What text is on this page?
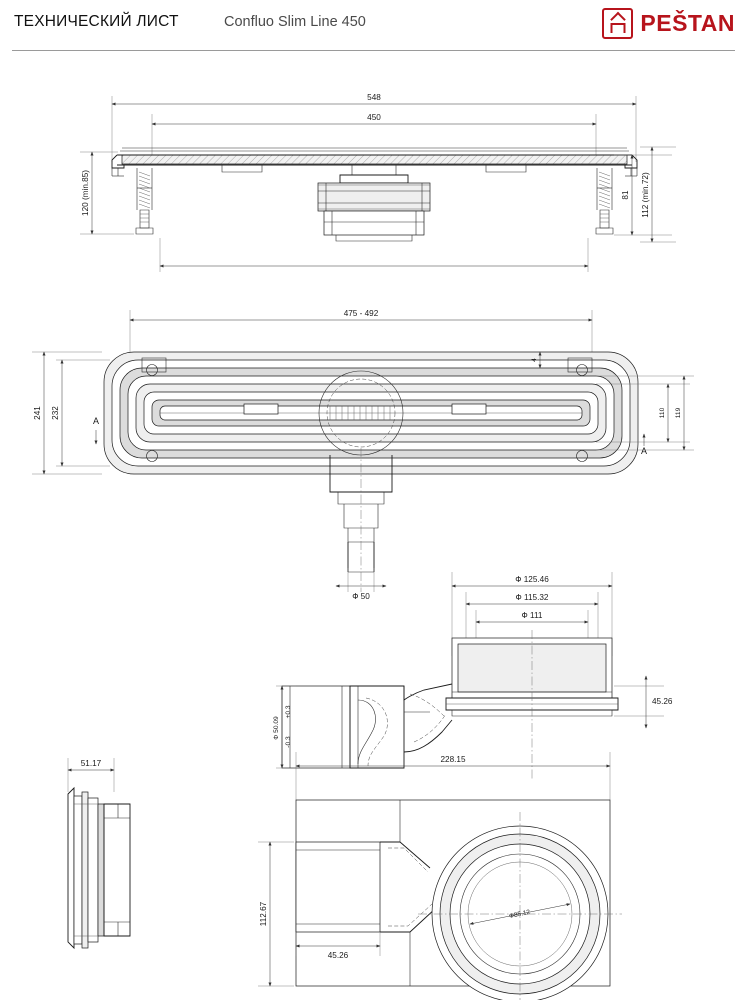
ТЕХНИЧЕСКИЙ ЛИСТ	Confluo Slim Line 450	PEŠTAN
548
450
120 (min.85)	81 112 (min.72)
475 - 492
Ф 50
241 232	110 119
4
A
A
Ф 125.46
Ф 115.32
Ф 111
Ф 50.09
+0.3
-0.3
45.26
51.17	228.15
Ф85.12
112.67
45.26
